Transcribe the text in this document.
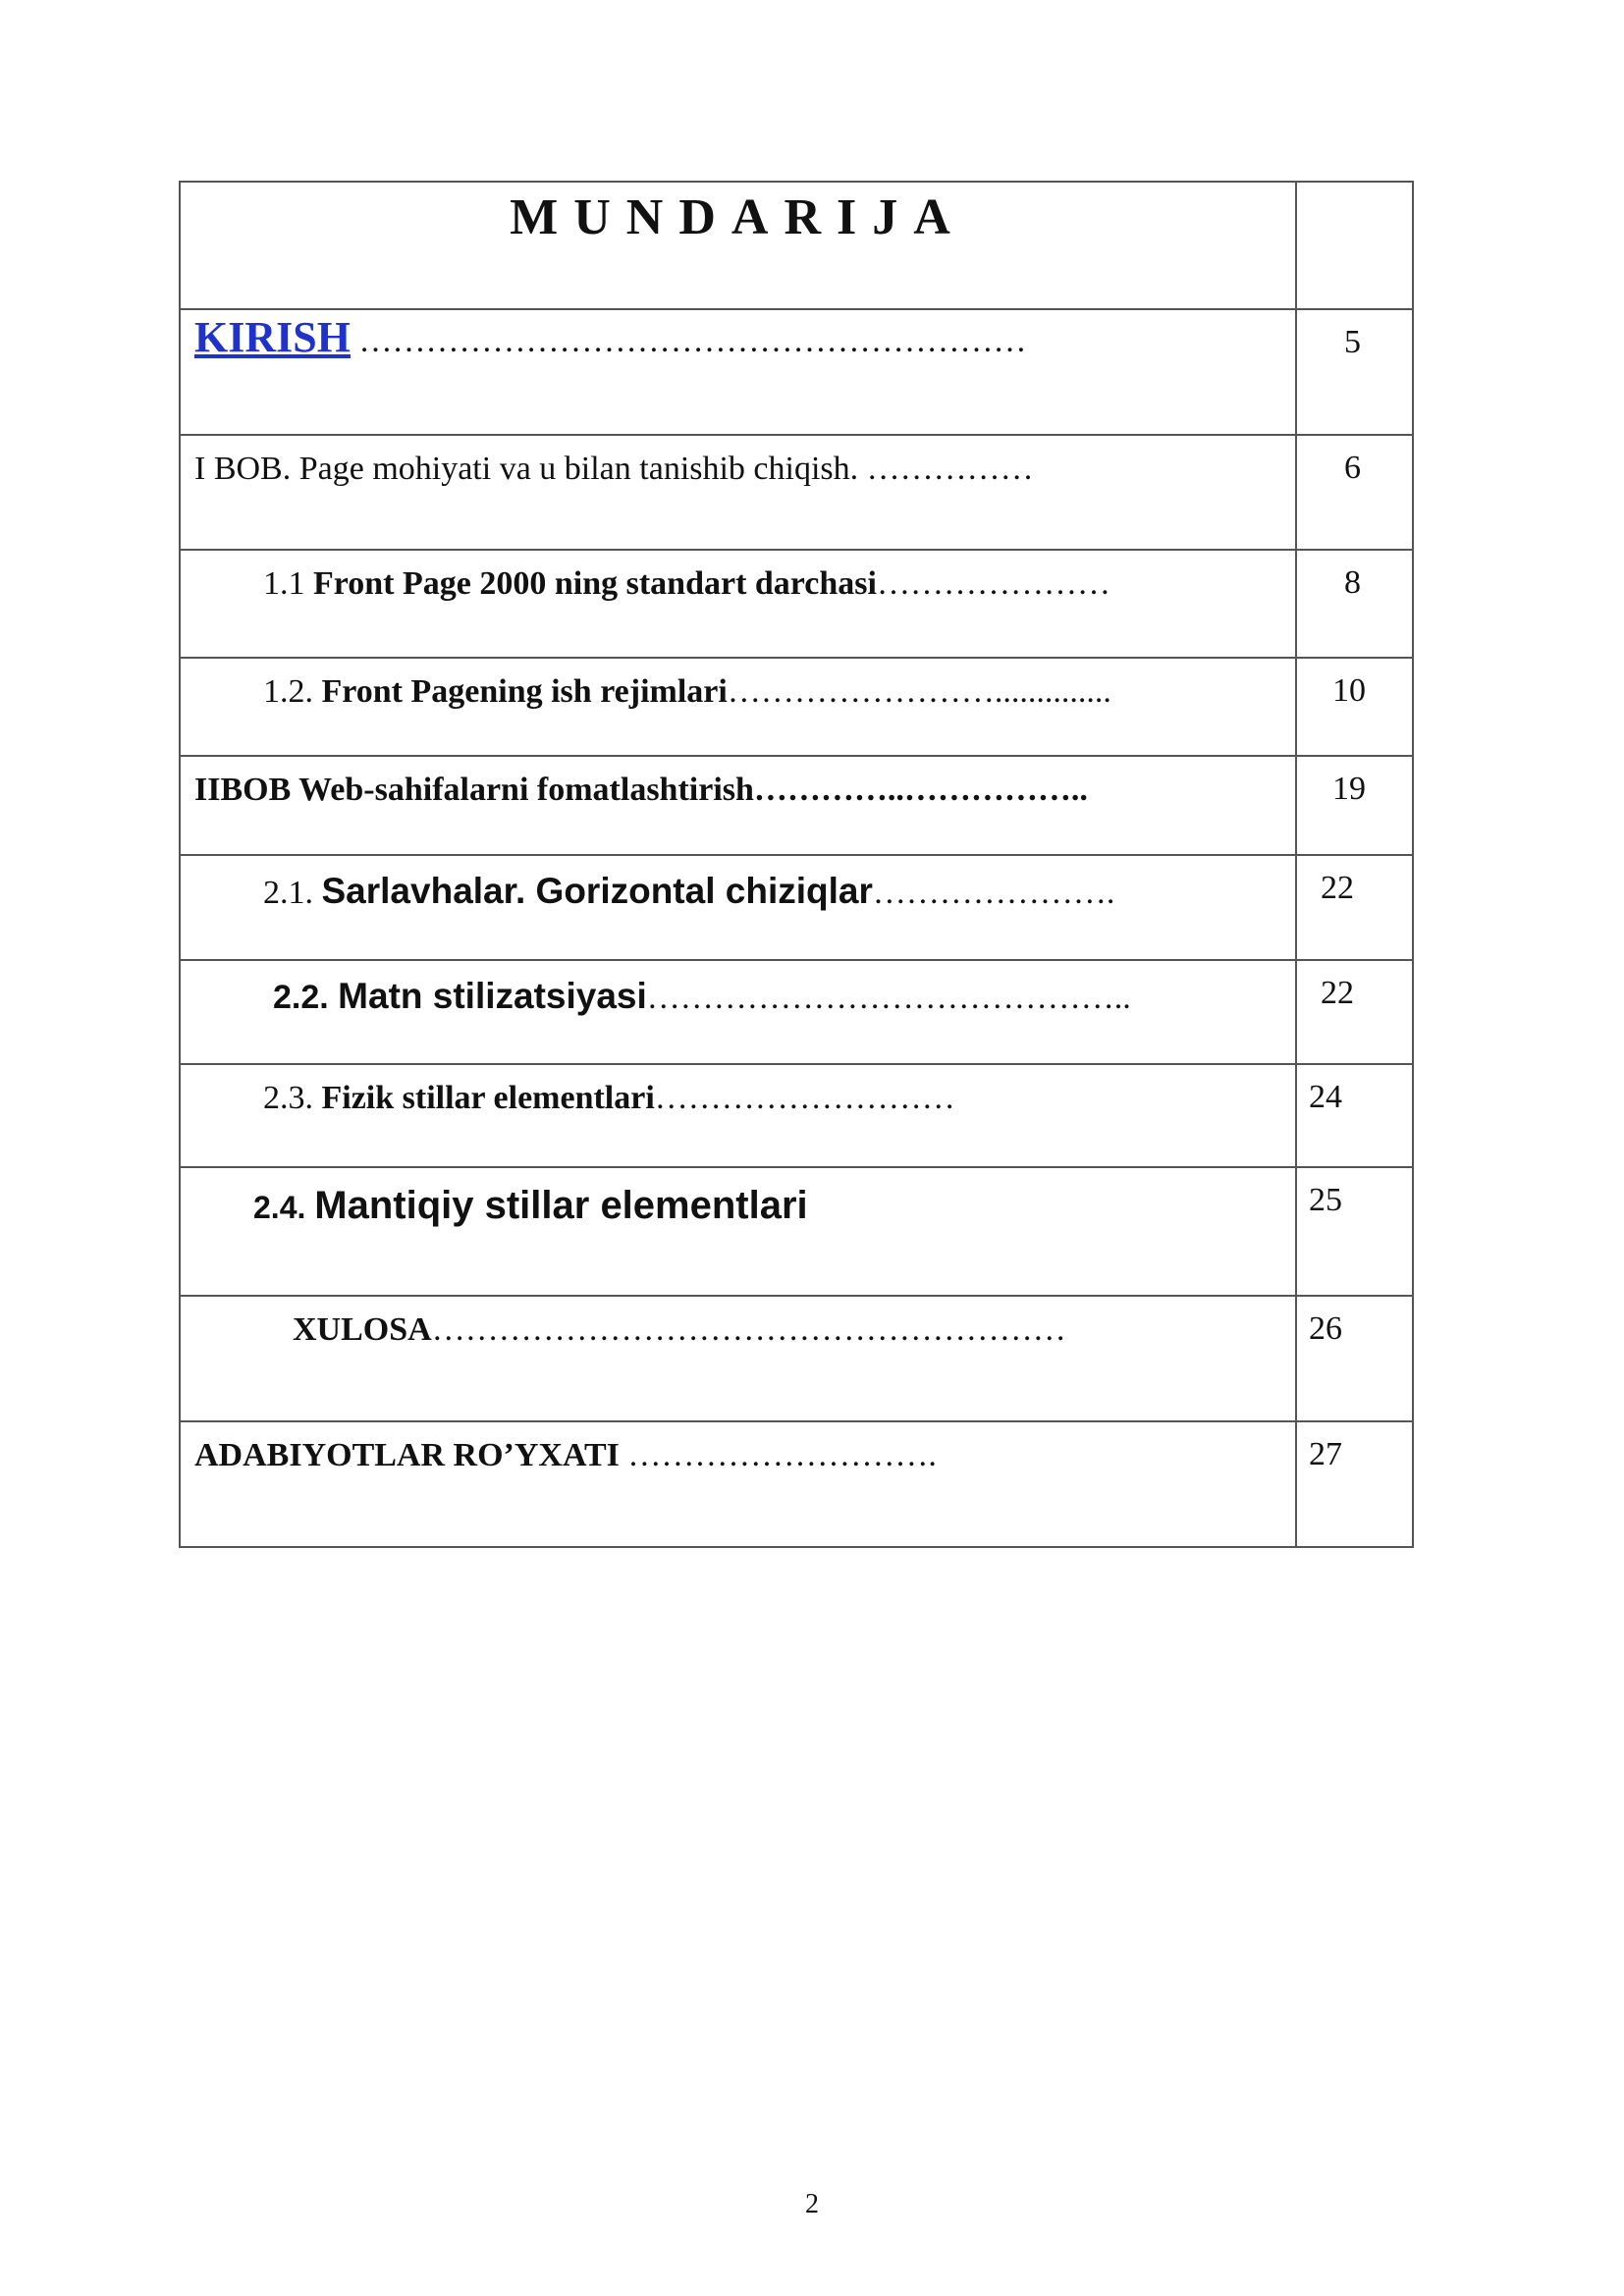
MUNDARIJA	

KIRISH ……………………………………………………	5

I BOB. Page mohiyati va u bilan tanishib chiqish. ……………	6

1.1 Front Page 2000 ning standart darchasi…………………	8

1.2. Front Pagening ish rejimlari……………………..............	10

IIBOB Web-sahifalarni fomatlashtirish…………..……………..	19

2.1. Sarlavhalar. Gorizontal chiziqlar………………….	22

2.2. Matn stilizatsiyasi……………………………………..	22

2.3. Fizik stillar elementlari………………………	24

2.4. Mantiqiy stillar elementlari	25

XULOSA…………………………………………………	26

ADABIYOTLAR RO’YXATI ……………………….	27
2
